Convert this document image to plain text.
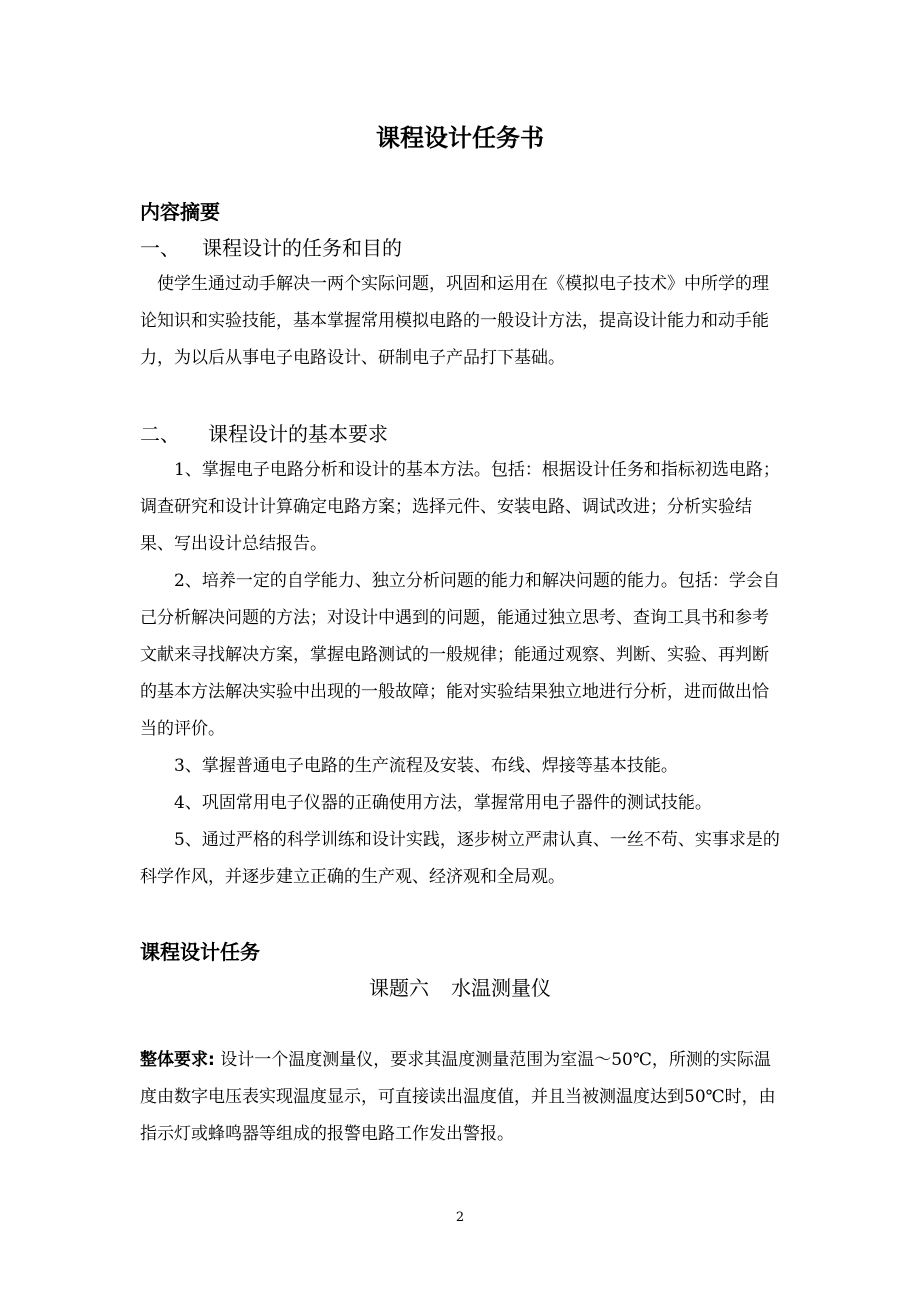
课程设计任务书
内容摘要
一、 课程设计的任务和目的

使学生通过动手解决一两个实际问题，巩固和运用在《模拟电子技术》中所学的理论知识和实验技能，基本掌握常用模拟电路的一般设计方法，提高设计能力和动手能力，为以后从事电子电路设计、研制电子产品打下基础。

二、 课程设计的基本要求

1、掌握电子电路分析和设计的基本方法。包括：根据设计任务和指标初选电路；调查研究和设计计算确定电路方案；选择元件、安装电路、调试改进；分析实验结果、写出设计总结报告。

2、培养一定的自学能力、独立分析问题的能力和解决问题的能力。包括：学会自己分析解决问题的方法；对设计中遇到的问题，能通过独立思考、查询工具书和参考文献来寻找解决方案，掌握电路测试的一般规律；能通过观察、判断、实验、再判断的基本方法解决实验中出现的一般故障；能对实验结果独立地进行分析，进而做出恰当的评价。

3、掌握普通电子电路的生产流程及安装、布线、焊接等基本技能。

4、巩固常用电子仪器的正确使用方法，掌握常用电子器件的测试技能。

5、通过严格的科学训练和设计实践，逐步树立严肃认真、一丝不苟、实事求是的科学作风，并逐步建立正确的生产观、经济观和全局观。

课程设计任务
课题六 水温测量仪

整体要求: 设计一个温度测量仪，要求其温度测量范围为室温～50℃，所测的实际温度由数字电压表实现温度显示，可直接读出温度值，并且当被测温度达到50℃时，由指示灯或蜂鸣器等组成的报警电路工作发出警报。

2
